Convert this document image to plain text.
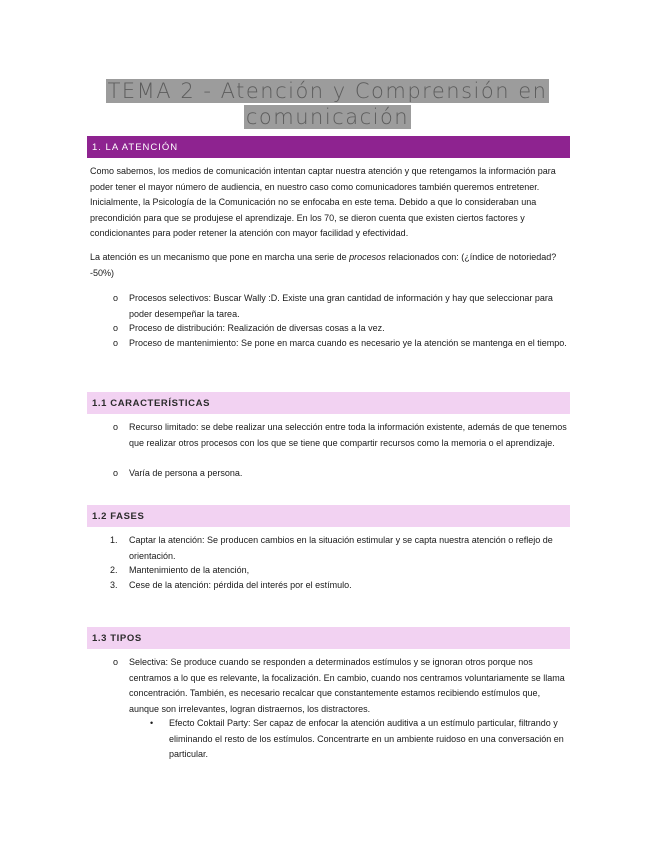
TEMA 2 - Atención y Comprensión en
comunicación
1. LA ATENCIÓN

Como sabemos, los medios de comunicación intentan captar nuestra atención y que retengamos la información para poder tener el mayor número de audiencia, en nuestro caso como comunicadores también queremos entretener. Inicialmente, la Psicología de la Comunicación no se enfocaba en este tema. Debido a que lo consideraban una precondición para que se produjese el aprendizaje. En los 70, se dieron cuenta que existen ciertos factores y condicionantes para poder retener la atención con mayor facilidad y efectividad.

La atención es un mecanismo que pone en marcha una serie de procesos relacionados con: (¿índice de notoriedad? -50%)

o Procesos selectivos: Buscar Wally :D. Existe una gran cantidad de información y hay que seleccionar para poder desempeñar la tarea.
o Proceso de distribución: Realización de diversas cosas a la vez.
o Proceso de mantenimiento: Se pone en marca cuando es necesario ye la atención se mantenga en el tiempo.
1.1 CARACTERÍSTICAS
o Recurso limitado: se debe realizar una selección entre toda la información existente, además de que tenemos que realizar otros procesos con los que se tiene que compartir recursos como la memoria o el aprendizaje.
o Varía de persona a persona.
1.2 FASES
1. Captar la atención: Se producen cambios en la situación estimular y se capta nuestra atención o reflejo de orientación.
2. Mantenimiento de la atención,
3. Cese de la atención: pérdida del interés por el estímulo.
1.3 TIPOS
o Selectiva: Se produce cuando se responden a determinados estímulos y se ignoran otros porque nos centramos a lo que es relevante, la focalización. En cambio, cuando nos centramos voluntariamente se llama concentración. También, es necesario recalcar que constantemente estamos recibiendo estímulos que, aunque son irrelevantes, logran distraernos, los distractores.
• Efecto Coktail Party: Ser capaz de enfocar la atención auditiva a un estímulo particular, filtrando y eliminando el resto de los estímulos. Concentrarte en un ambiente ruidoso en una conversación en particular.
